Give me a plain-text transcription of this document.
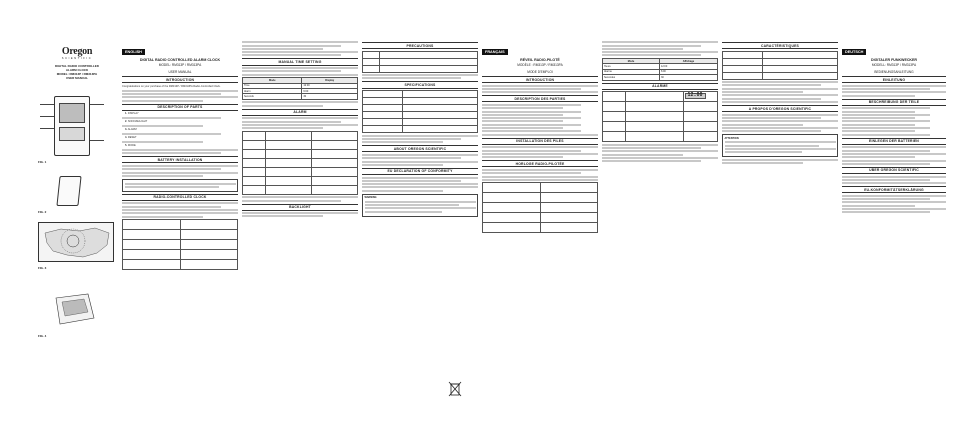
Oregon
SCIENTIFIC
DIGITAL RADIO CONTROLLED
ALARM CLOCK
MODEL: RM313P / RM313PA
USER MANUAL
FIG. 1
FIG. 2
FIG. 3
FIG. 4
ENGLISH
DIGITAL RADIO CONTROLLED ALARM CLOCK
MODEL: RM313P / RM313PA
USER MANUAL
INTRODUCTION
Congratulations on your purchase of the RM313P / RM313PA Radio-Controlled Clock.
DESCRIPTION OF PARTS
1. DISPLAY
2. SNOOZE/LIGHT
3. ALARM
4. RESET
5. MODE
BATTERY INSTALLATION
RADIO-CONTROLLED CLOCK

MANUAL TIME SETTING
Mode	Display
Time	12:00
Alarm	6:00
Seconds	30
ALARM

BACKLIGHT
PRECAUTIONS

SPECIFICATIONS

ABOUT OREGON SCIENTIFIC
EU DECLARATION OF CONFORMITY
WARNING
FRANÇAIS
RÉVEIL RADIO-PILOTÉ
MODÈLE : RM313P / RM313PA
MODE D'EMPLOI
INTRODUCTION
DESCRIPTION DES PARTIES
INSTALLATION DES PILES
HORLOGE RADIO-PILOTÉE

Mode	Affichage
Heure	12:00
Alarme	6:00
Secondes	30
ALARME
		12:00

CARACTÉRISTIQUES

A PROPOS D'OREGON SCIENTIFIC
ATTENTION
DEUTSCH
DIGITALER FUNKWECKER
MODELL: RM313P / RM313PA
BEDIENUNGSANLEITUNG
EINLEITUNG
BESCHREIBUNG DER TEILE
EINLEGEN DER BATTERIEN
ÜBER OREGON SCIENTIFIC
EU-KONFORMITÄTSERKLÄRUNG
